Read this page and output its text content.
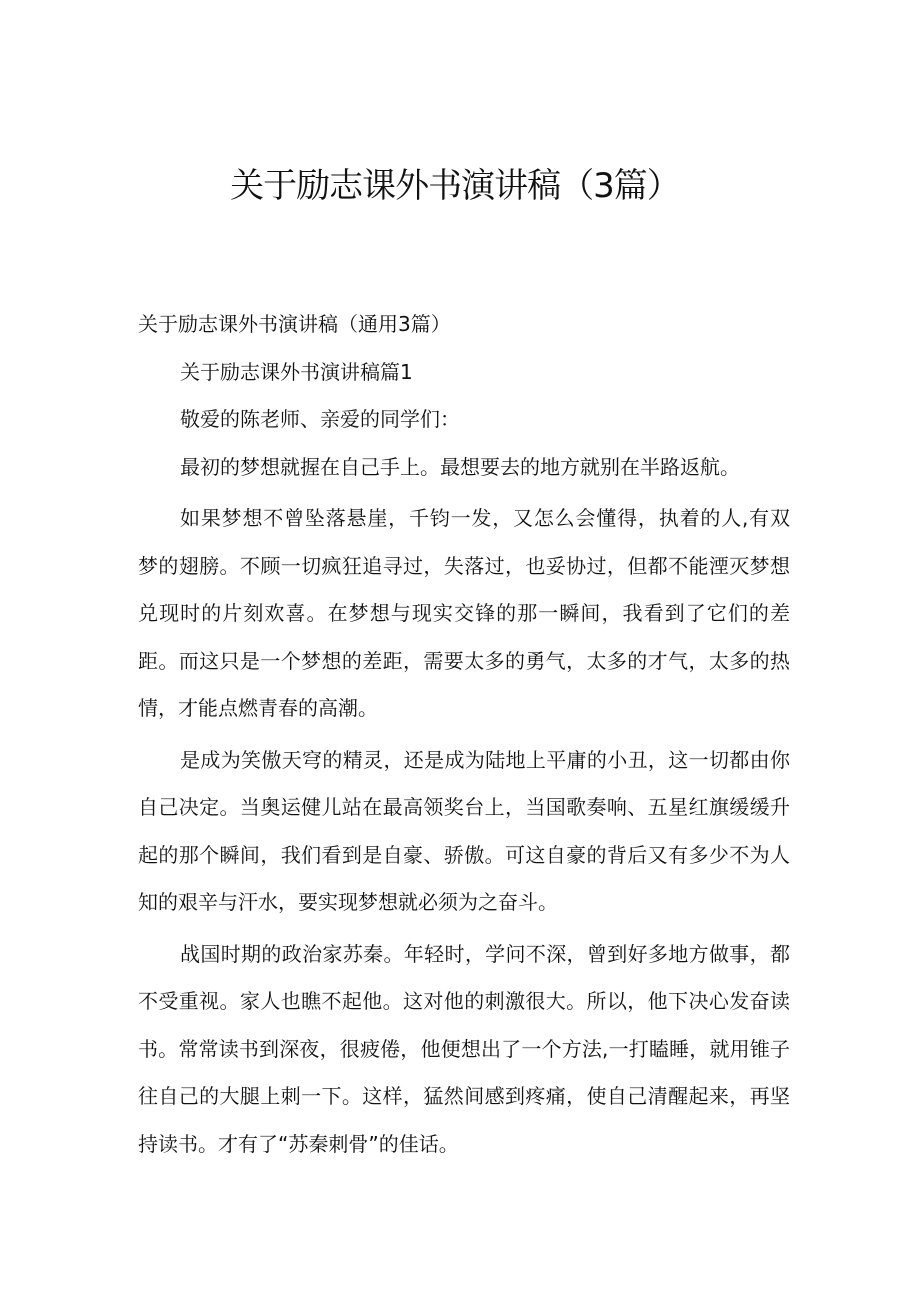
关于励志课外书演讲稿（3篇）
关于励志课外书演讲稿（通用3篇）
关于励志课外书演讲稿篇1
敬爱的陈老师、亲爱的同学们：
最初的梦想就握在自己手上。最想要去的地方就别在半路返航。
如果梦想不曾坠落悬崖，千钧一发，又怎么会懂得，执着的人,有双
梦的翅膀。不顾一切疯狂追寻过，失落过，也妥协过，但都不能湮灭梦想
兑现时的片刻欢喜。在梦想与现实交锋的那一瞬间，我看到了它们的差
距。而这只是一个梦想的差距，需要太多的勇气，太多的才气，太多的热
情，才能点燃青春的高潮。
是成为笑傲天穹的精灵，还是成为陆地上平庸的小丑，这一切都由你
自己决定。当奥运健儿站在最高领奖台上，当国歌奏响、五星红旗缓缓升
起的那个瞬间，我们看到是自豪、骄傲。可这自豪的背后又有多少不为人
知的艰辛与汗水，要实现梦想就必须为之奋斗。
战国时期的政治家苏秦。年轻时，学问不深，曾到好多地方做事，都
不受重视。家人也瞧不起他。这对他的刺激很大。所以，他下决心发奋读
书。常常读书到深夜，很疲倦，他便想出了一个方法,一打瞌睡，就用锥子
往自己的大腿上刺一下。这样，猛然间感到疼痛，使自己清醒起来，再坚
持读书。才有了“苏秦刺骨”的佳话。
